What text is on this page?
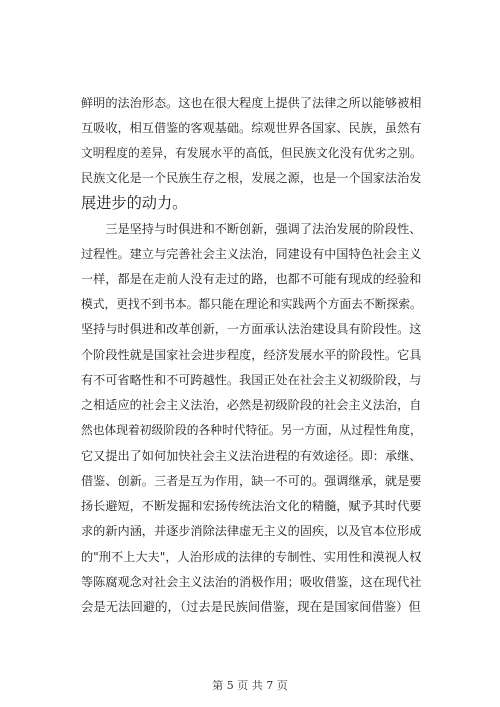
鲜明的法治形态。这也在很大程度上提供了法律之所以能够被相
互吸收，相互借鉴的客观基础。综观世界各国家、民族，虽然有
文明程度的差异，有发展水平的高低，但民族文化没有优劣之别。
民族文化是一个民族生存之根，发展之源，也是一个国家法治发
展进步的动力。
　　三是坚持与时俱进和不断创新，强调了法治发展的阶段性、
过程性。建立与完善社会主义法治，同建设有中国特色社会主义
一样，都是在走前人没有走过的路，也都不可能有现成的经验和
模式，更找不到书本。都只能在理论和实践两个方面去不断探索。
坚持与时俱进和改革创新，一方面承认法治建设具有阶段性。这
个阶段性就是国家社会进步程度，经济发展水平的阶段性。它具
有不可省略性和不可跨越性。我国正处在社会主义初级阶段，与
之相适应的社会主义法治，必然是初级阶段的社会主义法治，自
然也体现着初级阶段的各种时代特征。另一方面，从过程性角度，
它又提出了如何加快社会主义法治进程的有效途径。即：承继、
借鉴、创新。三者是互为作用，缺一不可的。强调继承，就是要
扬长避短，不断发掘和宏扬传统法治文化的精髓，赋予其时代要
求的新内涵，并逐步消除法律虚无主义的固疾，以及官本位形成
的"刑不上大夫"，人治形成的法律的专制性、实用性和漠视人权
等陈腐观念对社会主义法治的消极作用；吸收借鉴，这在现代社
会是无法回避的，（过去是民族间借鉴，现在是国家间借鉴）但
第 5 页 共 7 页
